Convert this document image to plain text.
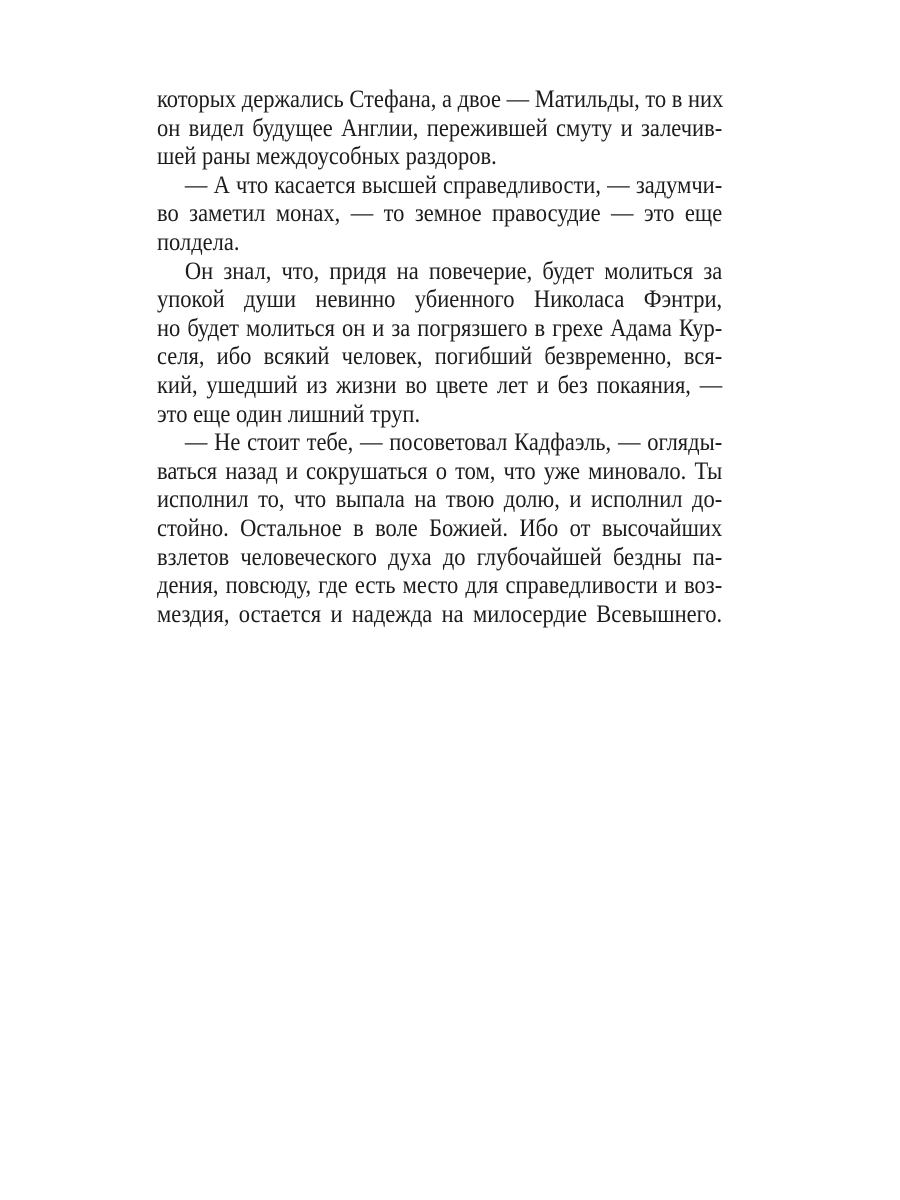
которых держались Стефана, а двое — Матильды, то в них
он видел будущее Англии, пережившей смуту и залечив-
шей раны междоусобных раздоров.
— А что касается высшей справедливости, — задумчи-
во заметил монах, — то земное правосудие — это еще
полдела.
Он знал, что, придя на повечерие, будет молиться за
упокой души невинно убиенного Николаса Фэнтри,
но будет молиться он и за погрязшего в грехе Адама Кур-
селя, ибо всякий человек, погибший безвременно, вся-
кий, ушедший из жизни во цвете лет и без покаяния, —
это еще один лишний труп.
— Не стоит тебе, — посоветовал Кадфаэль, — огляды-
ваться назад и сокрушаться о том, что уже миновало. Ты
исполнил то, что выпала на твою долю, и исполнил до-
стойно. Остальное в воле Божией. Ибо от высочайших
взлетов человеческого духа до глубочайшей бездны па-
дения, повсюду, где есть место для справедливости и воз-
мездия, остается и надежда на милосердие Всевышнего.
